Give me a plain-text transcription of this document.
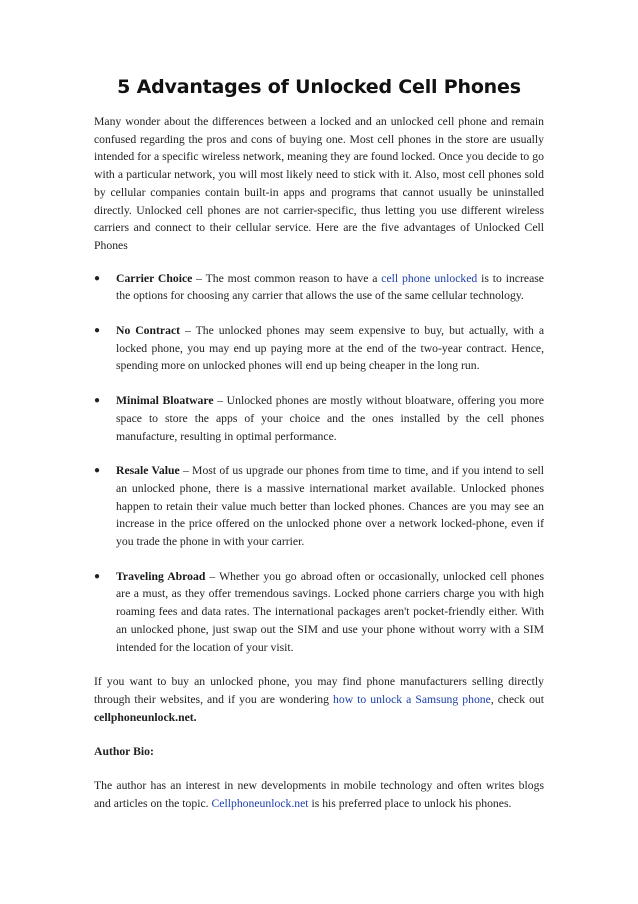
5 Advantages of Unlocked Cell Phones

Many wonder about the differences between a locked and an unlocked cell phone and remain confused regarding the pros and cons of buying one. Most cell phones in the store are usually intended for a specific wireless network, meaning they are found locked. Once you decide to go with a particular network, you will most likely need to stick with it. Also, most cell phones sold by cellular companies contain built-in apps and programs that cannot usually be uninstalled directly. Unlocked cell phones are not carrier-specific, thus letting you use different wireless carriers and connect to their cellular service. Here are the five advantages of Unlocked Cell Phones

● Carrier Choice – The most common reason to have a cell phone unlocked is to increase the options for choosing any carrier that allows the use of the same cellular technology.
● No Contract – The unlocked phones may seem expensive to buy, but actually, with a locked phone, you may end up paying more at the end of the two-year contract. Hence, spending more on unlocked phones will end up being cheaper in the long run.
● Minimal Bloatware – Unlocked phones are mostly without bloatware, offering you more space to store the apps of your choice and the ones installed by the cell phones manufacture, resulting in optimal performance.
● Resale Value – Most of us upgrade our phones from time to time, and if you intend to sell an unlocked phone, there is a massive international market available. Unlocked phones happen to retain their value much better than locked phones. Chances are you may see an increase in the price offered on the unlocked phone over a network locked-phone, even if you trade the phone in with your carrier.
● Traveling Abroad – Whether you go abroad often or occasionally, unlocked cell phones are a must, as they offer tremendous savings. Locked phone carriers charge you with high roaming fees and data rates. The international packages aren't pocket-friendly either. With an unlocked phone, just swap out the SIM and use your phone without worry with a SIM intended for the location of your visit.

If you want to buy an unlocked phone, you may find phone manufacturers selling directly through their websites, and if you are wondering how to unlock a Samsung phone, check out cellphoneunlock.net.

Author Bio:

The author has an interest in new developments in mobile technology and often writes blogs and articles on the topic. Cellphoneunlock.net is his preferred place to unlock his phones.
